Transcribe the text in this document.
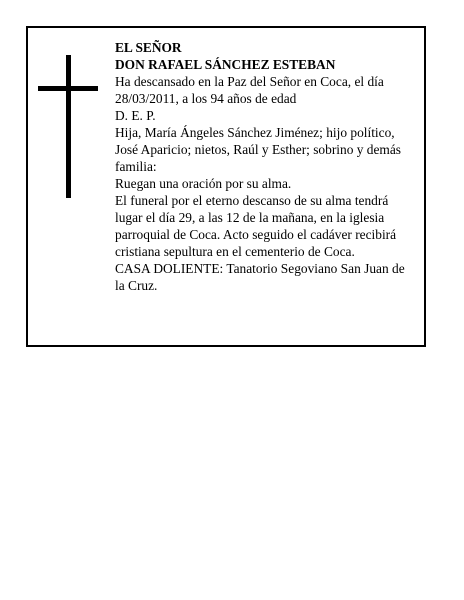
EL SEÑOR

DON RAFAEL SÁNCHEZ ESTEBAN

Ha descansado en la Paz del Señor en Coca, el día 28/03/2011, a los 94 años de edad

D. E. P.

Hija, María Ángeles Sánchez Jiménez; hijo político, José Aparicio; nietos, Raúl y Esther; sobrino y demás familia:

Ruegan una oración por su alma.

El funeral por el eterno descanso de su alma tendrá lugar el día 29, a las 12 de la mañana, en la iglesia parroquial de Coca. Acto seguido el cadáver recibirá cristiana sepultura en el cementerio de Coca.

CASA DOLIENTE: Tanatorio Segoviano San Juan de la Cruz.
